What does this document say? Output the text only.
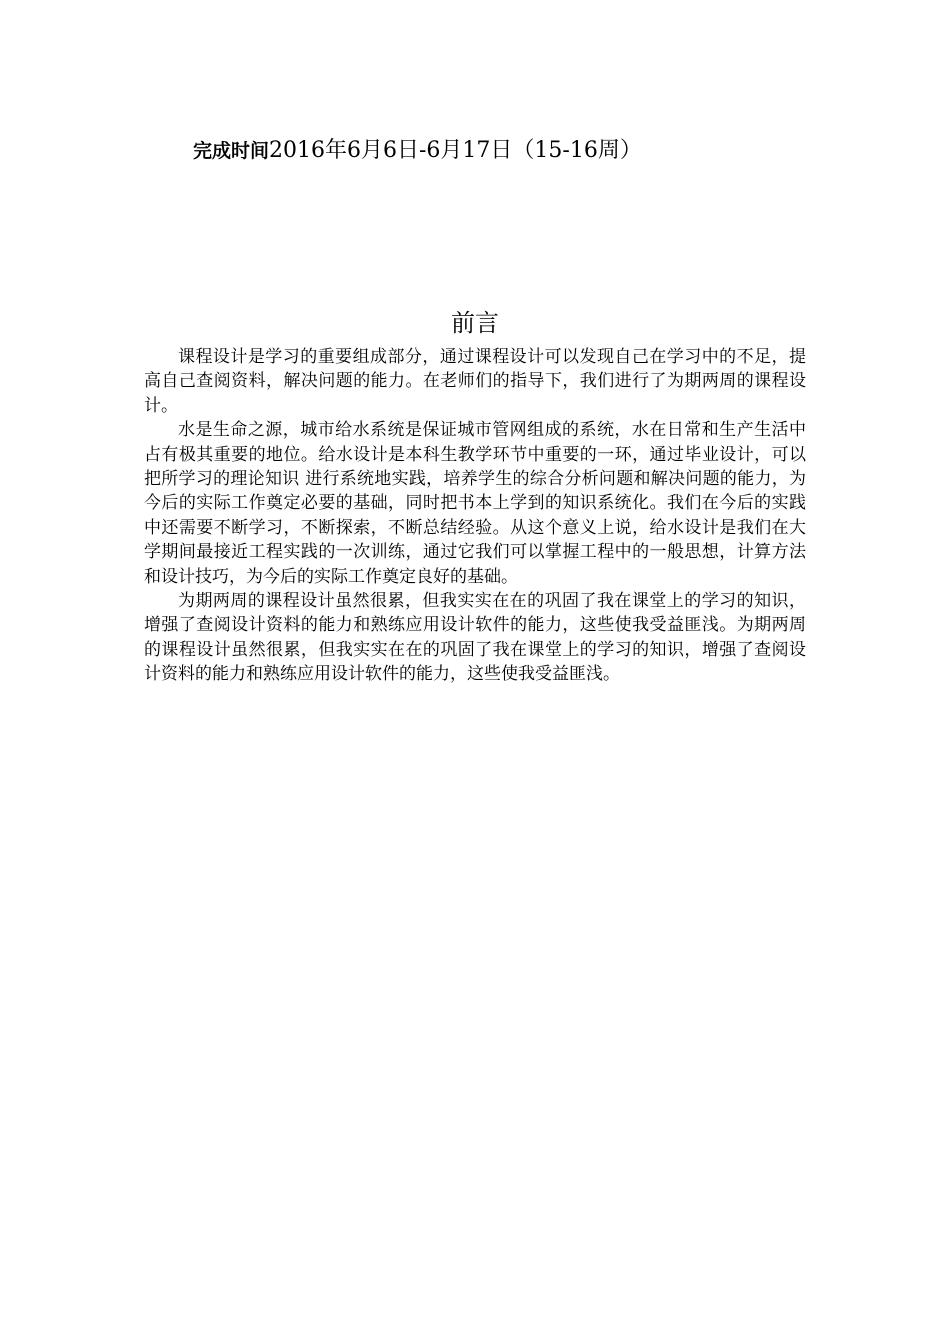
完成时间2016年6月6日-6月17日（15-16周）
前言

课程设计是学习的重要组成部分，通过课程设计可以发现自己在学习中的不足，提高自己查阅资料，解决问题的能力。在老师们的指导下，我们进行了为期两周的课程设计。

水是生命之源，城市给水系统是保证城市管网组成的系统，水在日常和生产生活中占有极其重要的地位。给水设计是本科生教学环节中重要的一环，通过毕业设计，可以把所学习的理论知识 进行系统地实践，培养学生的综合分析问题和解决问题的能力，为今后的实际工作奠定必要的基础，同时把书本上学到的知识系统化。我们在今后的实践中还需要不断学习，不断探索，不断总结经验。从这个意义上说，给水设计是我们在大学期间最接近工程实践的一次训练，通过它我们可以掌握工程中的一般思想，计算方法和设计技巧，为今后的实际工作奠定良好的基础。

为期两周的课程设计虽然很累，但我实实在在的巩固了我在课堂上的学习的知识，增强了查阅设计资料的能力和熟练应用设计软件的能力，这些使我受益匪浅。为期两周的课程设计虽然很累，但我实实在在的巩固了我在课堂上的学习的知识，增强了查阅设计资料的能力和熟练应用设计软件的能力，这些使我受益匪浅。
